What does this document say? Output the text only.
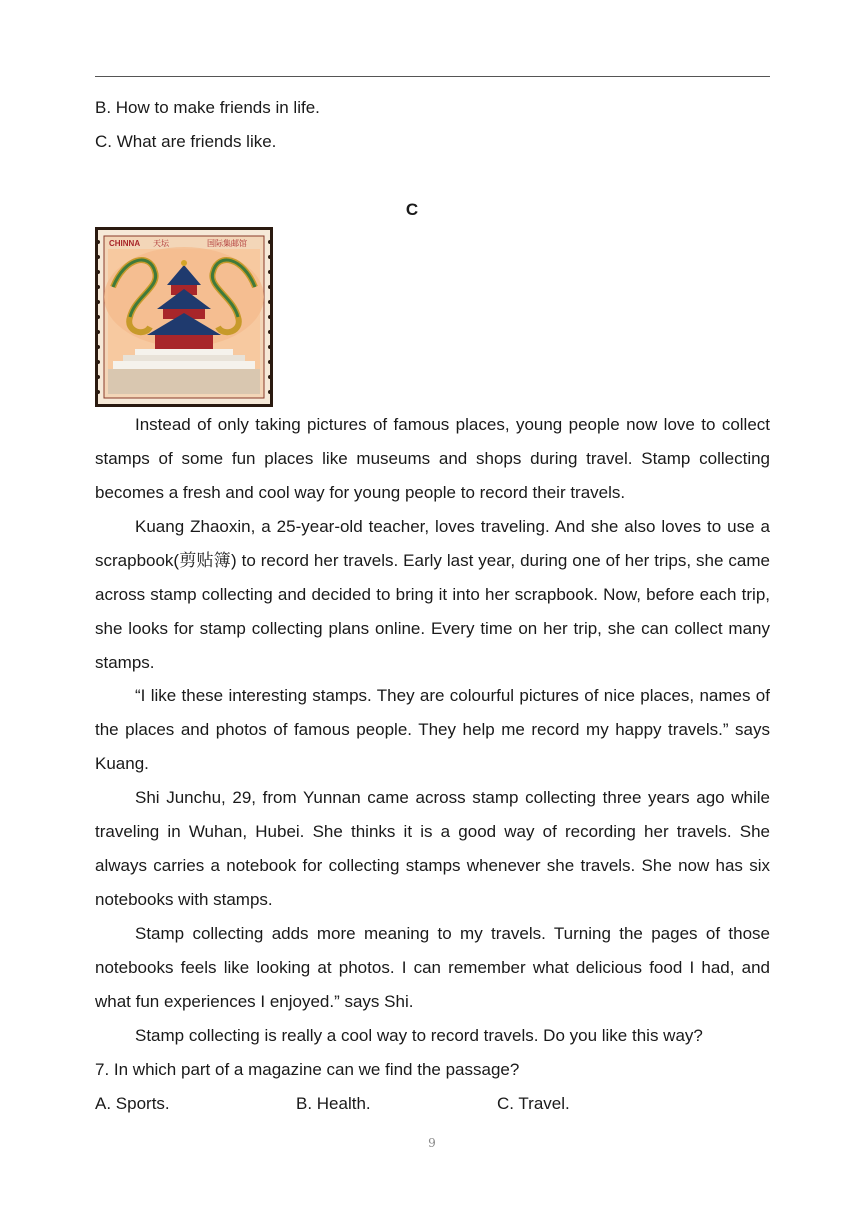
B. How to make friends in life.
C. What are friends like.
C
CHINNA 天坛	国际集邮馆

Instead of only taking pictures of famous places, young people now love to collect stamps of some fun places like museums and shops during travel. Stamp collecting becomes a fresh and cool way for young people to record their travels.

Kuang Zhaoxin, a 25-year-old teacher, loves traveling. And she also loves to use a scrapbook(剪贴簿) to record her travels. Early last year, during one of her trips, she came across stamp collecting and decided to bring it into her scrapbook. Now, before each trip, she looks for stamp collecting plans online. Every time on her trip, she can collect many stamps.

“I like these interesting stamps. They are colourful pictures of nice places, names of the places and photos of famous people. They help me record my happy travels.” says Kuang.

Shi Junchu, 29, from Yunnan came across stamp collecting three years ago while traveling in Wuhan, Hubei. She thinks it is a good way of recording her travels. She always carries a notebook for collecting stamps whenever she travels. She now has six notebooks with stamps.

Stamp collecting adds more meaning to my travels. Turning the pages of those notebooks feels like looking at photos. I can remember what delicious food I had, and what fun experiences I enjoyed.” says Shi.

Stamp collecting is really a cool way to record travels. Do you like this way?

7. In which part of a magazine can we find the passage?
A. Sports.	B. Health.	C. Travel.
9
